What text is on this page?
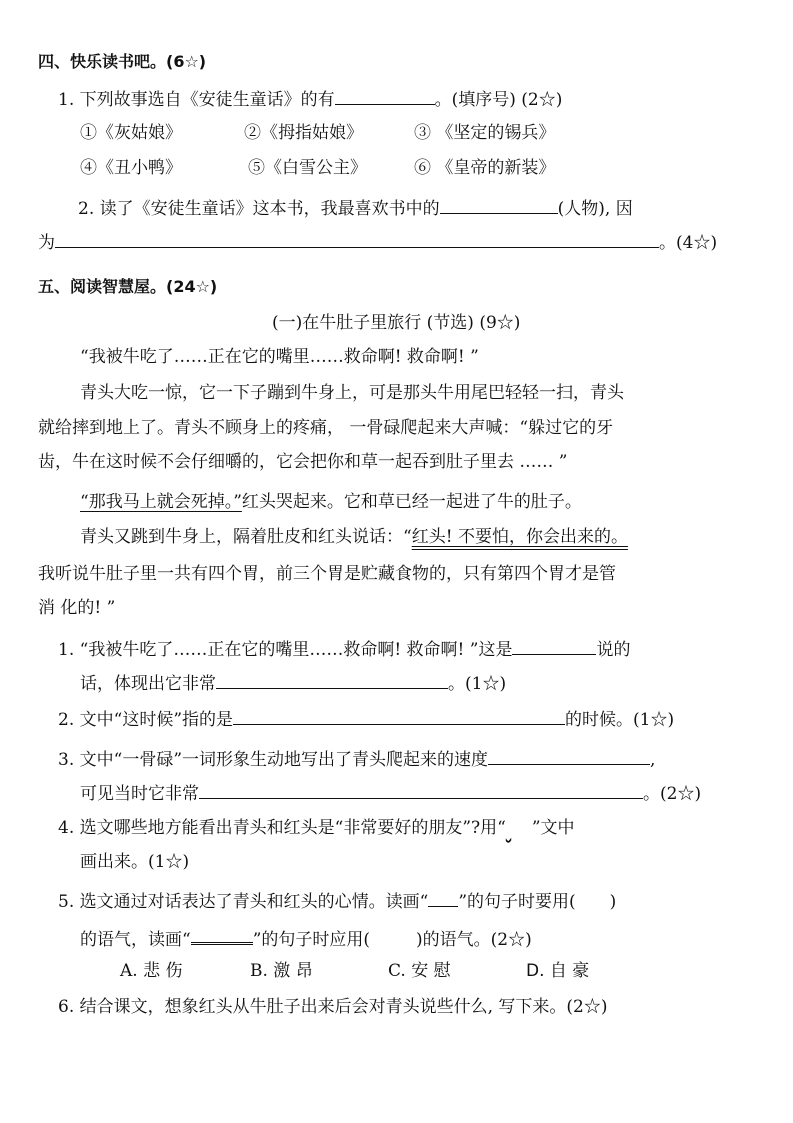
四、快乐读书吧。(6☆)
1. 下列故事选自《安徒生童话》的有	。(填序号) (2☆)
①《灰姑娘》	②《拇指姑娘》	③ 《坚定的锡兵》
④《丑小鸭》	⑤《白雪公主》	⑥ 《皇帝的新装》
2. 读了《安徒生童话》这本书，我最喜欢书中的	(人物), 因
为	。(4☆)
五、阅读智慧屋。(24☆)
(一)在牛肚子里旅行 (节选) (9☆)
“我被牛吃了……正在它的嘴里……救命啊! 救命啊! ”
青头大吃一惊，它一下子蹦到牛身上，可是那头牛用尾巴轻轻一扫，青头
就给摔到地上了。青头不顾身上的疼痛， 一骨碌爬起来大声喊：“躲过它的牙
齿，牛在这时候不会仔细嚼的，它会把你和草一起吞到肚子里去 …… ”
“那我马上就会死掉。”红头哭起来。它和草已经一起进了牛的肚子。
青头又跳到牛身上，隔着肚皮和红头说话：“红头! 不要怕，你会出来的。
我听说牛肚子里一共有四个胃，前三个胃是贮藏食物的，只有第四个胃才是管
消 化的! ”
1. “我被牛吃了……正在它的嘴里……救命啊! 救命啊! ”这是	说的
话，体现出它非常	。(1☆)
2. 文中“这时候”指的是	的时候。(1☆)
3. 文中“一骨碌”一词形象生动地写出了青头爬起来的速度	,
可见当时它非常	。(2☆)
4. 选文哪些地方能看出青头和红头是“非常要好的朋友”?用“ ”文中
画出来。(1☆)
5. 选文通过对话表达了青头和红头的心情。读画“ ”的句子时要用( )
的语气，读画“	”的句子时应用(	)的语气。(2☆)
A. 悲 伤	B. 激 昂	C. 安 慰	D. 自 豪
6. 结合课文，想象红头从牛肚子出来后会对青头说些什么, 写下来。(2☆)
